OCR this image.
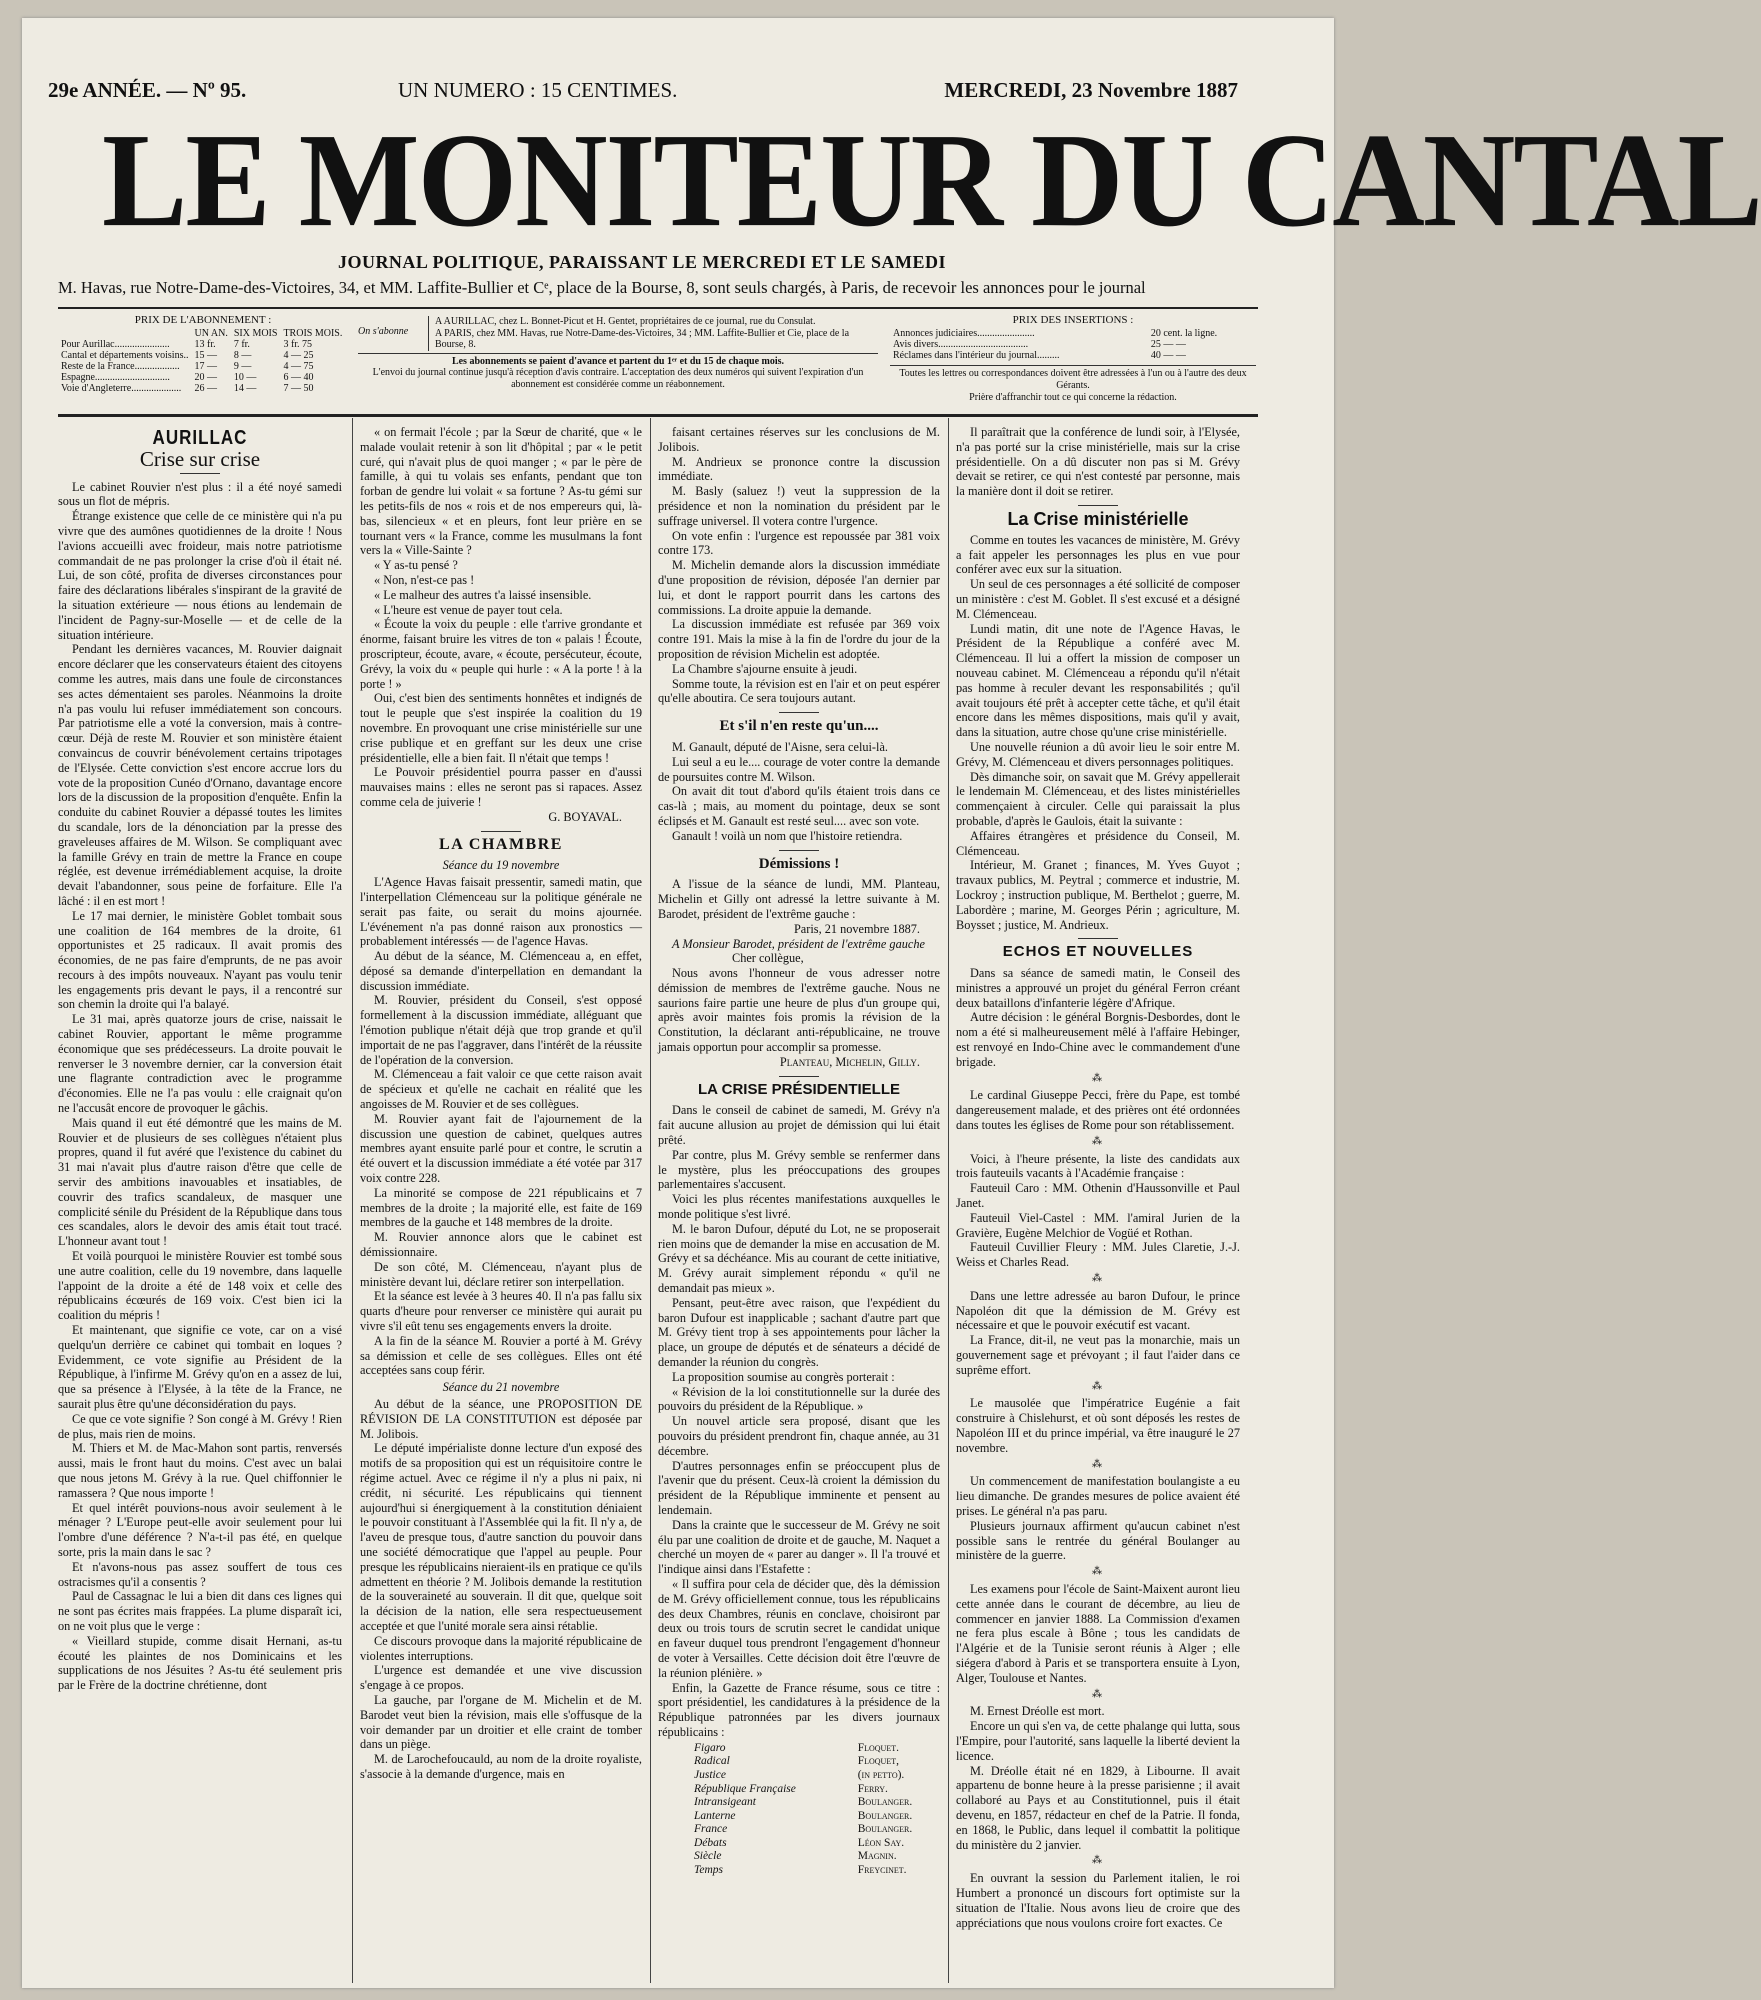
29e ANNÉE. — Nº 95.	UN NUMERO : 15 CENTIMES.	MERCREDI, 23 Novembre 1887
LE MONITEUR DU CANTAL
JOURNAL POLITIQUE, PARAISSANT LE MERCREDI ET LE SAMEDI
M. Havas, rue Notre-Dame-des-Victoires, 34, et MM. Laffite-Bullier et Cᵉ, place de la Bourse, 8, sont seuls chargés, à Paris, de recevoir les annonces pour le journal
PRIX DE L'ABONNEMENT :
	UN AN.	SIX MOIS	TROIS MOIS.
Pour Aurillac......................	13 fr.	7 fr.	3 fr. 75
Cantal et départements voisins..	15 —	8 —	4 — 25
Reste de la France..................	17 —	9 —	4 — 75
Espagne..............................	20 —	10 —	6 — 40
Voie d'Angleterre....................	26 —	14 —	7 — 50
On s'abonne
A AURILLAC, chez L. Bonnet-Picut et H. Gentet, propriétaires de ce journal, rue du Consulat.
A PARIS, chez MM. Havas, rue Notre-Dame-des-Victoires, 34 ; MM. Laffite-Bullier et Cie, place de la Bourse, 8.
Les abonnements se paient d'avance et partent du 1ᵉʳ et du 15 de chaque mois.
L'envoi du journal continue jusqu'à réception d'avis contraire. L'acceptation des deux numéros qui suivent l'expiration d'un abonnement est considérée comme un réabonnement.
PRIX DES INSERTIONS :
Annonces judiciaires.......................	20 cent. la ligne.
Avis divers....................................	25 — —
Réclames dans l'intérieur du journal.........	40 — —
Toutes les lettres ou correspondances doivent être adressées à l'un ou à l'autre des deux Gérants.
Prière d'affranchir tout ce qui concerne la rédaction.
AURILLAC
Crise sur crise

Le cabinet Rouvier n'est plus : il a été noyé samedi sous un flot de mépris.

Étrange existence que celle de ce ministère qui n'a pu vivre que des aumônes quotidiennes de la droite ! Nous l'avions accueilli avec froideur, mais notre patriotisme commandait de ne pas prolonger la crise d'où il était né. Lui, de son côté, profita de diverses circonstances pour faire des déclarations libérales s'inspirant de la gravité de la situation extérieure — nous étions au lendemain de l'incident de Pagny-sur-Moselle — et de celle de la situation intérieure.

Pendant les dernières vacances, M. Rouvier daignait encore déclarer que les conservateurs étaient des citoyens comme les autres, mais dans une foule de circonstances ses actes démentaient ses paroles. Néanmoins la droite n'a pas voulu lui refuser immédiatement son concours. Par patriotisme elle a voté la conversion, mais à contre-cœur. Déjà de reste M. Rouvier et son ministère étaient convaincus de couvrir bénévolement certains tripotages de l'Elysée. Cette conviction s'est encore accrue lors du vote de la proposition Cunéo d'Ornano, davantage encore lors de la discussion de la proposition d'enquête. Enfin la conduite du cabinet Rouvier a dépassé toutes les limites du scandale, lors de la dénonciation par la presse des graveleuses affaires de M. Wilson. Se compliquant avec la famille Grévy en train de mettre la France en coupe réglée, est devenue irrémédiablement acquise, la droite devait l'abandonner, sous peine de forfaiture. Elle l'a lâché : il en est mort !

Le 17 mai dernier, le ministère Goblet tombait sous une coalition de 164 membres de la droite, 61 opportunistes et 25 radicaux. Il avait promis des économies, de ne pas faire d'emprunts, de ne pas avoir recours à des impôts nouveaux. N'ayant pas voulu tenir les engagements pris devant le pays, il a rencontré sur son chemin la droite qui l'a balayé.

Le 31 mai, après quatorze jours de crise, naissait le cabinet Rouvier, apportant le même programme économique que ses prédécesseurs. La droite pouvait le renverser le 3 novembre dernier, car la conversion était une flagrante contradiction avec le programme d'économies. Elle ne l'a pas voulu : elle craignait qu'on ne l'accusât encore de provoquer le gâchis.

Mais quand il eut été démontré que les mains de M. Rouvier et de plusieurs de ses collègues n'étaient plus propres, quand il fut avéré que l'existence du cabinet du 31 mai n'avait plus d'autre raison d'être que celle de servir des ambitions inavouables et insatiables, de couvrir des trafics scandaleux, de masquer une complicité sénile du Président de la République dans tous ces scandales, alors le devoir des amis était tout tracé. L'honneur avant tout !

Et voilà pourquoi le ministère Rouvier est tombé sous une autre coalition, celle du 19 novembre, dans laquelle l'appoint de la droite a été de 148 voix et celle des républicains écœurés de 169 voix. C'est bien ici la coalition du mépris !

Et maintenant, que signifie ce vote, car on a visé quelqu'un derrière ce cabinet qui tombait en loques ? Evidemment, ce vote signifie au Président de la République, à l'infirme M. Grévy qu'on en a assez de lui, que sa présence à l'Elysée, à la tête de la France, ne saurait plus être qu'une déconsidération du pays.

Ce que ce vote signifie ? Son congé à M. Grévy ! Rien de plus, mais rien de moins.

M. Thiers et M. de Mac-Mahon sont partis, renversés aussi, mais le front haut du moins. C'est avec un balai que nous jetons M. Grévy à la rue. Quel chiffonnier le ramassera ? Que nous importe !

Et quel intérêt pouvions-nous avoir seulement à le ménager ? L'Europe peut-elle avoir seulement pour lui l'ombre d'une déférence ? N'a-t-il pas été, en quelque sorte, pris la main dans le sac ?

Et n'avons-nous pas assez souffert de tous ces ostracismes qu'il a consentis ?

Paul de Cassagnac le lui a bien dit dans ces lignes qui ne sont pas écrites mais frappées. La plume disparaît ici, on ne voit plus que le verge :

« Vieillard stupide, comme disait Hernani, as-tu écouté les plaintes de nos Dominicains et les supplications de nos Jésuites ? As-tu été seulement pris par le Frère de la doctrine chrétienne, dont

« on fermait l'école ; par la Sœur de charité, que « le malade voulait retenir à son lit d'hôpital ; par « le petit curé, qui n'avait plus de quoi manger ; « par le père de famille, à qui tu volais ses enfants, pendant que ton forban de gendre lui volait « sa fortune ? As-tu gémi sur les petits-fils de nos « rois et de nos empereurs qui, là-bas, silencieux « et en pleurs, font leur prière en se tournant vers « la France, comme les musulmans la font vers la « Ville-Sainte ?

« Y as-tu pensé ?

« Non, n'est-ce pas !

« Le malheur des autres t'a laissé insensible.

« L'heure est venue de payer tout cela.

« Écoute la voix du peuple : elle t'arrive grondante et énorme, faisant bruire les vitres de ton « palais ! Écoute, proscripteur, écoute, avare, « écoute, persécuteur, écoute, Grévy, la voix du « peuple qui hurle : « A la porte ! à la porte ! »

Oui, c'est bien des sentiments honnêtes et indignés de tout le peuple que s'est inspirée la coalition du 19 novembre. En provoquant une crise ministérielle sur une crise publique et en greffant sur les deux une crise présidentielle, elle a bien fait. Il n'était que temps !

Le Pouvoir présidentiel pourra passer en d'aussi mauvaises mains : elles ne seront pas si rapaces. Assez comme cela de juiverie !

G. BOYAVAL.

LA CHAMBRE

Séance du 19 novembre

L'Agence Havas faisait pressentir, samedi matin, que l'interpellation Clémenceau sur la politique générale ne serait pas faite, ou serait du moins ajournée. L'événement n'a pas donné raison aux pronostics — probablement intéressés — de l'agence Havas.

Au début de la séance, M. Clémenceau a, en effet, déposé sa demande d'interpellation en demandant la discussion immédiate.

M. Rouvier, président du Conseil, s'est opposé formellement à la discussion immédiate, alléguant que l'émotion publique n'était déjà que trop grande et qu'il importait de ne pas l'aggraver, dans l'intérêt de la réussite de l'opération de la conversion.

M. Clémenceau a fait valoir ce que cette raison avait de spécieux et qu'elle ne cachait en réalité que les angoisses de M. Rouvier et de ses collègues.

M. Rouvier ayant fait de l'ajournement de la discussion une question de cabinet, quelques autres membres ayant ensuite parlé pour et contre, le scrutin a été ouvert et la discussion immédiate a été votée par 317 voix contre 228.

La minorité se compose de 221 républicains et 7 membres de la droite ; la majorité elle, est faite de 169 membres de la gauche et 148 membres de la droite.

M. Rouvier annonce alors que le cabinet est démissionnaire.

De son côté, M. Clémenceau, n'ayant plus de ministère devant lui, déclare retirer son interpellation.

Et la séance est levée à 3 heures 40. Il n'a pas fallu six quarts d'heure pour renverser ce ministère qui aurait pu vivre s'il eût tenu ses engagements envers la droite.

A la fin de la séance M. Rouvier a porté à M. Grévy sa démission et celle de ses collègues. Elles ont été acceptées sans coup férir.

Séance du 21 novembre

Au début de la séance, une PROPOSITION DE RÉVISION DE LA CONSTITUTION est déposée par M. Jolibois.

Le député impérialiste donne lecture d'un exposé des motifs de sa proposition qui est un réquisitoire contre le régime actuel. Avec ce régime il n'y a plus ni paix, ni crédit, ni sécurité. Les républicains qui tiennent aujourd'hui si énergiquement à la constitution déniaient le pouvoir constituant à l'Assemblée qui la fit. Il n'y a, de l'aveu de presque tous, d'autre sanction du pouvoir dans une société démocratique que l'appel au peuple. Pour presque les républicains nieraient-ils en pratique ce qu'ils admettent en théorie ? M. Jolibois demande la restitution de la souveraineté au souverain. Il dit que, quelque soit la décision de la nation, elle sera respectueusement acceptée et que l'unité morale sera ainsi rétablie.

Ce discours provoque dans la majorité républicaine de violentes interruptions.

L'urgence est demandée et une vive discussion s'engage à ce propos.

La gauche, par l'organe de M. Michelin et de M. Barodet veut bien la révision, mais elle s'offusque de la voir demander par un droitier et elle craint de tomber dans un piège.

M. de Larochefoucauld, au nom de la droite royaliste, s'associe à la demande d'urgence, mais en

faisant certaines réserves sur les conclusions de M. Jolibois.

M. Andrieux se prononce contre la discussion immédiate.

M. Basly (saluez !) veut la suppression de la présidence et non la nomination du président par le suffrage universel. Il votera contre l'urgence.

On vote enfin : l'urgence est repoussée par 381 voix contre 173.

M. Michelin demande alors la discussion immédiate d'une proposition de révision, déposée l'an dernier par lui, et dont le rapport pourrit dans les cartons des commissions. La droite appuie la demande.

La discussion immédiate est refusée par 369 voix contre 191. Mais la mise à la fin de l'ordre du jour de la proposition de révision Michelin est adoptée.

La Chambre s'ajourne ensuite à jeudi.

Somme toute, la révision est en l'air et on peut espérer qu'elle aboutira. Ce sera toujours autant.

Et s'il n'en reste qu'un....

M. Ganault, député de l'Aisne, sera celui-là.

Lui seul a eu le.... courage de voter contre la demande de poursuites contre M. Wilson.

On avait dit tout d'abord qu'ils étaient trois dans ce cas-là ; mais, au moment du pointage, deux se sont éclipsés et M. Ganault est resté seul.... avec son vote.

Ganault ! voilà un nom que l'histoire retiendra.

Démissions !

A l'issue de la séance de lundi, MM. Planteau, Michelin et Gilly ont adressé la lettre suivante à M. Barodet, président de l'extrême gauche :

Paris, 21 novembre 1887.

A Monsieur Barodet, président de l'extrême gauche

Cher collègue,

Nous avons l'honneur de vous adresser notre démission de membres de l'extrême gauche. Nous ne saurions faire partie une heure de plus d'un groupe qui, après avoir maintes fois promis la révision de la Constitution, la déclarant anti-républicaine, ne trouve jamais opportun pour accomplir sa promesse.

Planteau, Michelin, Gilly.

LA CRISE PRÉSIDENTIELLE

Dans le conseil de cabinet de samedi, M. Grévy n'a fait aucune allusion au projet de démission qui lui était prêté.

Par contre, plus M. Grévy semble se renfermer dans le mystère, plus les préoccupations des groupes parlementaires s'accusent.

Voici les plus récentes manifestations auxquelles le monde politique s'est livré.

M. le baron Dufour, député du Lot, ne se proposerait rien moins que de demander la mise en accusation de M. Grévy et sa déchéance. Mis au courant de cette initiative, M. Grévy aurait simplement répondu « qu'il ne demandait pas mieux ».

Pensant, peut-être avec raison, que l'expédient du baron Dufour est inapplicable ; sachant d'autre part que M. Grévy tient trop à ses appointements pour lâcher la place, un groupe de députés et de sénateurs a décidé de demander la réunion du congrès.

La proposition soumise au congrès porterait :

« Révision de la loi constitutionnelle sur la durée des pouvoirs du président de la République. »

Un nouvel article sera proposé, disant que les pouvoirs du président prendront fin, chaque année, au 31 décembre.

D'autres personnages enfin se préoccupent plus de l'avenir que du présent. Ceux-là croient la démission du président de la République imminente et pensent au lendemain.

Dans la crainte que le successeur de M. Grévy ne soit élu par une coalition de droite et de gauche, M. Naquet a cherché un moyen de « parer au danger ». Il l'a trouvé et l'indique ainsi dans l'Estafette :

« Il suffira pour cela de décider que, dès la démission de M. Grévy officiellement connue, tous les républicains des deux Chambres, réunis en conclave, choisiront par deux ou trois tours de scrutin secret le candidat unique en faveur duquel tous prendront l'engagement d'honneur de voter à Versailles. Cette décision doit être l'œuvre de la réunion plénière. »

Enfin, la Gazette de France résume, sous ce titre : sport présidentiel, les candidatures à la présidence de la République patronnées par les divers journaux républicains :

Figaro	Floquet.
Radical	Floquet,
Justice	(in petto).
République Française	Ferry.
Intransigeant	Boulanger.
Lanterne	Boulanger.
France	Boulanger.
Débats	Léon Say.
Siècle	Magnin.
Temps	Freycinet.

Il paraîtrait que la conférence de lundi soir, à l'Elysée, n'a pas porté sur la crise ministérielle, mais sur la crise présidentielle. On a dû discuter non pas si M. Grévy devait se retirer, ce qui n'est contesté par personne, mais la manière dont il doit se retirer.

La Crise ministérielle

Comme en toutes les vacances de ministère, M. Grévy a fait appeler les personnages les plus en vue pour conférer avec eux sur la situation.

Un seul de ces personnages a été sollicité de composer un ministère : c'est M. Goblet. Il s'est excusé et a désigné M. Clémenceau.

Lundi matin, dit une note de l'Agence Havas, le Président de la République a conféré avec M. Clémenceau. Il lui a offert la mission de composer un nouveau cabinet. M. Clémenceau a répondu qu'il n'était pas homme à reculer devant les responsabilités ; qu'il avait toujours été prêt à accepter cette tâche, et qu'il était encore dans les mêmes dispositions, mais qu'il y avait, dans la situation, autre chose qu'une crise ministérielle.

Une nouvelle réunion a dû avoir lieu le soir entre M. Grévy, M. Clémenceau et divers personnages politiques.

Dès dimanche soir, on savait que M. Grévy appellerait le lendemain M. Clémenceau, et des listes ministérielles commençaient à circuler. Celle qui paraissait la plus probable, d'après le Gaulois, était la suivante :

Affaires étrangères et présidence du Conseil, M. Clémenceau.

Intérieur, M. Granet ; finances, M. Yves Guyot ; travaux publics, M. Peytral ; commerce et industrie, M. Lockroy ; instruction publique, M. Berthelot ; guerre, M. Labordère ; marine, M. Georges Périn ; agriculture, M. Boysset ; justice, M. Andrieux.

ECHOS ET NOUVELLES

Dans sa séance de samedi matin, le Conseil des ministres a approuvé un projet du général Ferron créant deux bataillons d'infanterie légère d'Afrique.

Autre décision : le général Borgnis-Desbordes, dont le nom a été si malheureusement mêlé à l'affaire Hebinger, est renvoyé en Indo-Chine avec le commandement d'une brigade.

⁂

Le cardinal Giuseppe Pecci, frère du Pape, est tombé dangereusement malade, et des prières ont été ordonnées dans toutes les églises de Rome pour son rétablissement.

⁂

Voici, à l'heure présente, la liste des candidats aux trois fauteuils vacants à l'Académie française :

Fauteuil Caro : MM. Othenin d'Haussonville et Paul Janet.

Fauteuil Viel-Castel : MM. l'amiral Jurien de la Gravière, Eugène Melchior de Vogüé et Rothan.

Fauteuil Cuvillier Fleury : MM. Jules Claretie, J.-J. Weiss et Charles Read.

⁂

Dans une lettre adressée au baron Dufour, le prince Napoléon dit que la démission de M. Grévy est nécessaire et que le pouvoir exécutif est vacant.

La France, dit-il, ne veut pas la monarchie, mais un gouvernement sage et prévoyant ; il faut l'aider dans ce suprême effort.

⁂

Le mausolée que l'impératrice Eugénie a fait construire à Chislehurst, et où sont déposés les restes de Napoléon III et du prince impérial, va être inauguré le 27 novembre.

⁂

Un commencement de manifestation boulangiste a eu lieu dimanche. De grandes mesures de police avaient été prises. Le général n'a pas paru.

Plusieurs journaux affirment qu'aucun cabinet n'est possible sans le rentrée du général Boulanger au ministère de la guerre.

⁂

Les examens pour l'école de Saint-Maixent auront lieu cette année dans le courant de décembre, au lieu de commencer en janvier 1888. La Commission d'examen ne fera plus escale à Bône ; tous les candidats de l'Algérie et de la Tunisie seront réunis à Alger ; elle siégera d'abord à Paris et se transportera ensuite à Lyon, Alger, Toulouse et Nantes.

⁂

M. Ernest Dréolle est mort.

Encore un qui s'en va, de cette phalange qui lutta, sous l'Empire, pour l'autorité, sans laquelle la liberté devient la licence.

M. Dréolle était né en 1829, à Libourne. Il avait appartenu de bonne heure à la presse parisienne ; il avait collaboré au Pays et au Constitutionnel, puis il était devenu, en 1857, rédacteur en chef de la Patrie. Il fonda, en 1868, le Public, dans lequel il combattit la politique du ministère du 2 janvier.

⁂

En ouvrant la session du Parlement italien, le roi Humbert a prononcé un discours fort optimiste sur la situation de l'Italie. Nous avons lieu de croire que des appréciations que nous voulons croire fort exactes. Ce
